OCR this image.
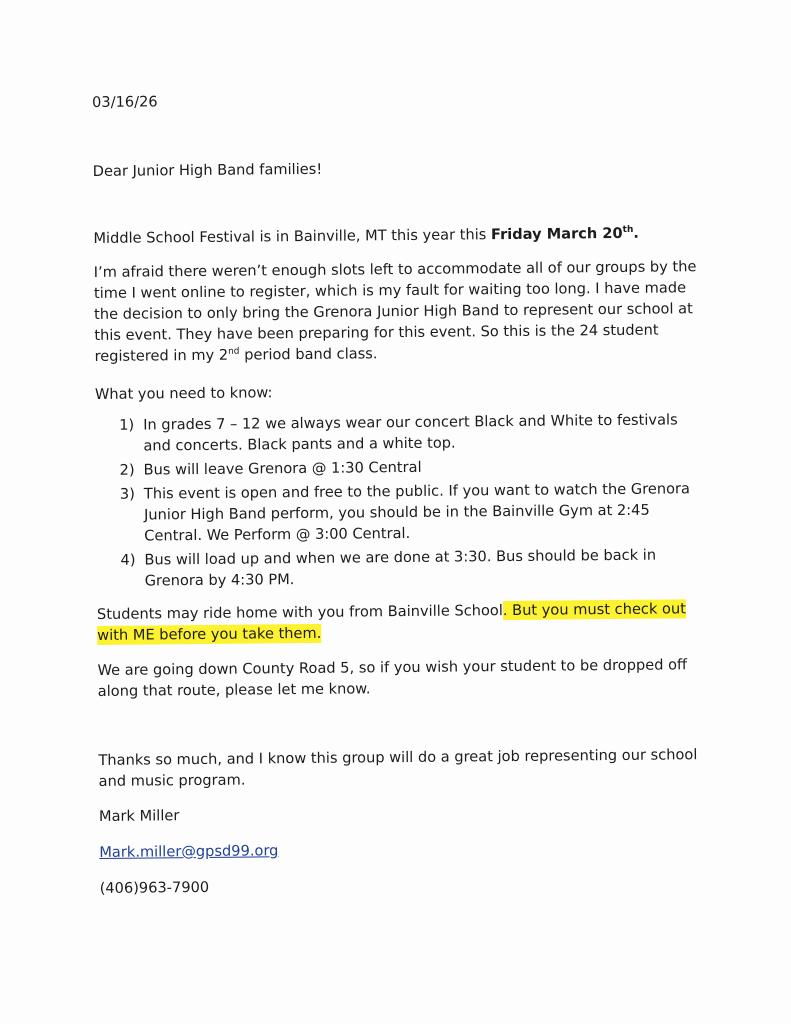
03/16/26

Dear Junior High Band families!

Middle School Festival is in Bainville, MT this year this Friday March 20th.

I’m afraid there weren’t enough slots left to accommodate all of our groups by the time I went online to register, which is my fault for waiting too long. I have made the decision to only bring the Grenora Junior High Band to represent our school at this event. They have been preparing for this event. So this is the 24 student registered in my 2nd period band class.

What you need to know:

1) In grades 7 – 12 we always wear our concert Black and White to festivals and concerts. Black pants and a white top.
2) Bus will leave Grenora @ 1:30 Central
3) This event is open and free to the public. If you want to watch the Grenora Junior High Band perform, you should be in the Bainville Gym at 2:45 Central. We Perform @ 3:00 Central.
4) Bus will load up and when we are done at 3:30. Bus should be back in Grenora by 4:30 PM.

Students may ride home with you from Bainville School. But you must check out with ME before you take them.

We are going down County Road 5, so if you wish your student to be dropped off along that route, please let me know.

Thanks so much, and I know this group will do a great job representing our school and music program.

Mark Miller

Mark.miller@gpsd99.org

(406)963-7900
